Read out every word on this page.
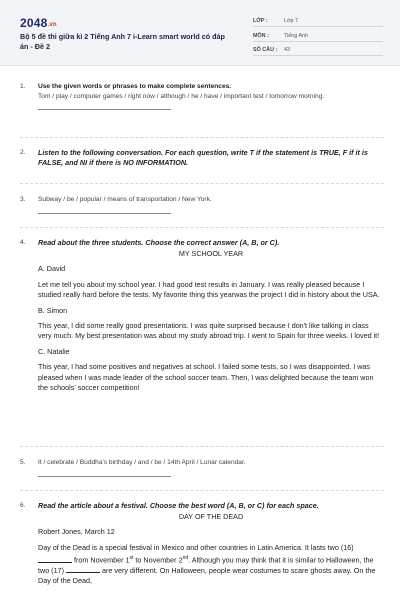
2048.vn
Bộ 5 đề thi giữa kì 2 Tiếng Anh 7 i-Learn smart world có đáp án - Đề 2
LỚP :	Lớp 7
MÔN :	Tiếng Anh
SỐ CÂU : 43
1. Use the given words or phrases to make complete sentences.
Tom / play / computer games / right now / although / he / have / important test / tomorrow morning.
2. Listen to the following conversation. For each question, write T if the statement is TRUE, F if it is FALSE, and NI if there is NO INFORMATION.
3. Subway / be / popular / means of transportation / New York.
4. Read about the three students. Choose the correct answer (A, B, or C).
MY SCHOOL YEAR
A. David
Let me tell you about my school year. I had good test results in January. I was really pleased because I studied really hard before the tests. My favorite thing this yearwas the project I did in history about the USA.
B. Simon
This year, I did some really good presentations. I was quite surprised because I don't like talking in class very much. My best presentation was about my study abroad trip. I went to Spain for three weeks. I loved it!
C. Natalie
This year, I had some positives and negatives at school. I failed some tests, so I was disappointed. I was pleased when I was made leader of the school soccer team. Then, I was delighted because the team won the schools' soccer competition!
5. It / celebrate / Buddha's birthday / and / be / 14th April / Lunar calendar.
6. Read the article about a festival. Choose the best word (A, B, or C) for each space.
DAY OF THE DEAD
Robert Jones, March 12
Day of the Dead is a special festival in Mexico and other countries in Latin America. It lasts two (16)  from November 1st to November 2nd. Although you may think that it is similar to Halloween, the two (17)	are very different. On Halloween, people wear costumes to scare ghosts away. On the Day of the Dead,
